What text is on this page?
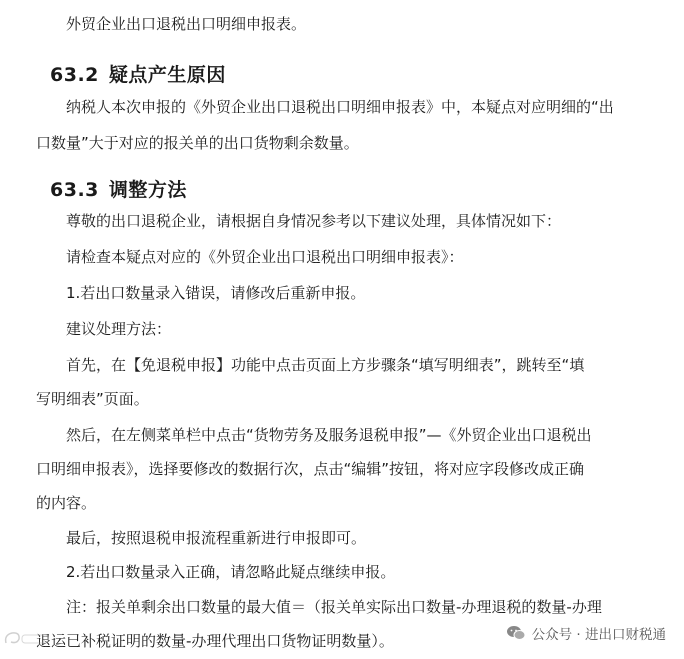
外贸企业出口退税出口明细申报表。

63.2 疑点产生原因

纳税人本次申报的《外贸企业出口退税出口明细申报表》中，本疑点对应明细的“出

口数量”大于对应的报关单的出口货物剩余数量。

63.3 调整方法

尊敬的出口退税企业，请根据自身情况参考以下建议处理，具体情况如下：

请检查本疑点对应的《外贸企业出口退税出口明细申报表》：

1.若出口数量录入错误，请修改后重新申报。

建议处理方法：

首先，在【免退税申报】功能中点击页面上方步骤条“填写明细表”，跳转至“填

写明细表”页面。

然后，在左侧菜单栏中点击“货物劳务及服务退税申报”—《外贸企业出口退税出

口明细申报表》，选择要修改的数据行次，点击“编辑”按钮，将对应字段修改成正确

的内容。

最后，按照退税申报流程重新进行申报即可。

2.若出口数量录入正确，请忽略此疑点继续申报。

注：报关单剩余出口数量的最大值＝（报关单实际出口数量-办理退税的数量-办理

退运已补税证明的数量-办理代理出口货物证明数量）。	公众号 · 进出口财税通
